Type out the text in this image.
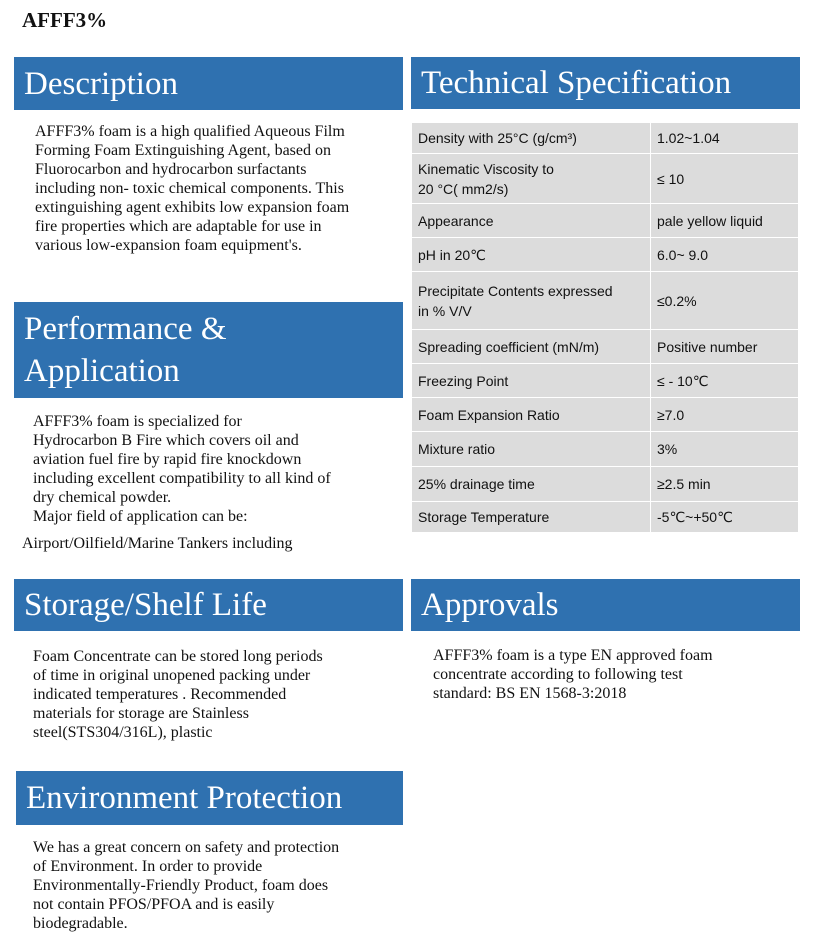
AFFF3%
Description
AFFF3% foam is a high qualified Aqueous Film
Forming Foam Extinguishing Agent, based on
Fluorocarbon and hydrocarbon surfactants
including non- toxic chemical components. This
extinguishing agent exhibits low expansion foam
fire properties which are adaptable for use in
various low-expansion foam equipment's.
Performance &
Application
AFFF3% foam is specialized for
Hydrocarbon B Fire which covers oil and
aviation fuel fire by rapid fire knockdown
including excellent compatibility to all kind of
dry chemical powder.
Major field of application can be:
Airport/Oilfield/Marine Tankers including
Storage/Shelf Life
Foam Concentrate can be stored long periods
of time in original unopened packing under
indicated temperatures . Recommended
materials for storage are Stainless
steel(STS304/316L), plastic
Environment Protection
We has a great concern on safety and protection
of Environment. In order to provide
Environmentally-Friendly Product, foam does
not contain PFOS/PFOA and is easily
biodegradable.
Technical Specification
Density with 25°C (g/cm³)	1.02~1.04
Kinematic Viscosity to
20 °C( mm2/s)	≤ 10
Appearance	pale yellow liquid
pH in 20℃	6.0~ 9.0
Precipitate Contents expressed
in % V/V	≤0.2%
Spreading coefficient (mN/m)	Positive number
Freezing Point	≤ - 10℃
Foam Expansion Ratio	≥7.0
Mixture ratio	3%
25% drainage time	≥2.5 min
Storage Temperature	-5℃~+50℃
Approvals
AFFF3% foam is a type EN approved foam
concentrate according to following test
standard: BS EN 1568-3:2018
